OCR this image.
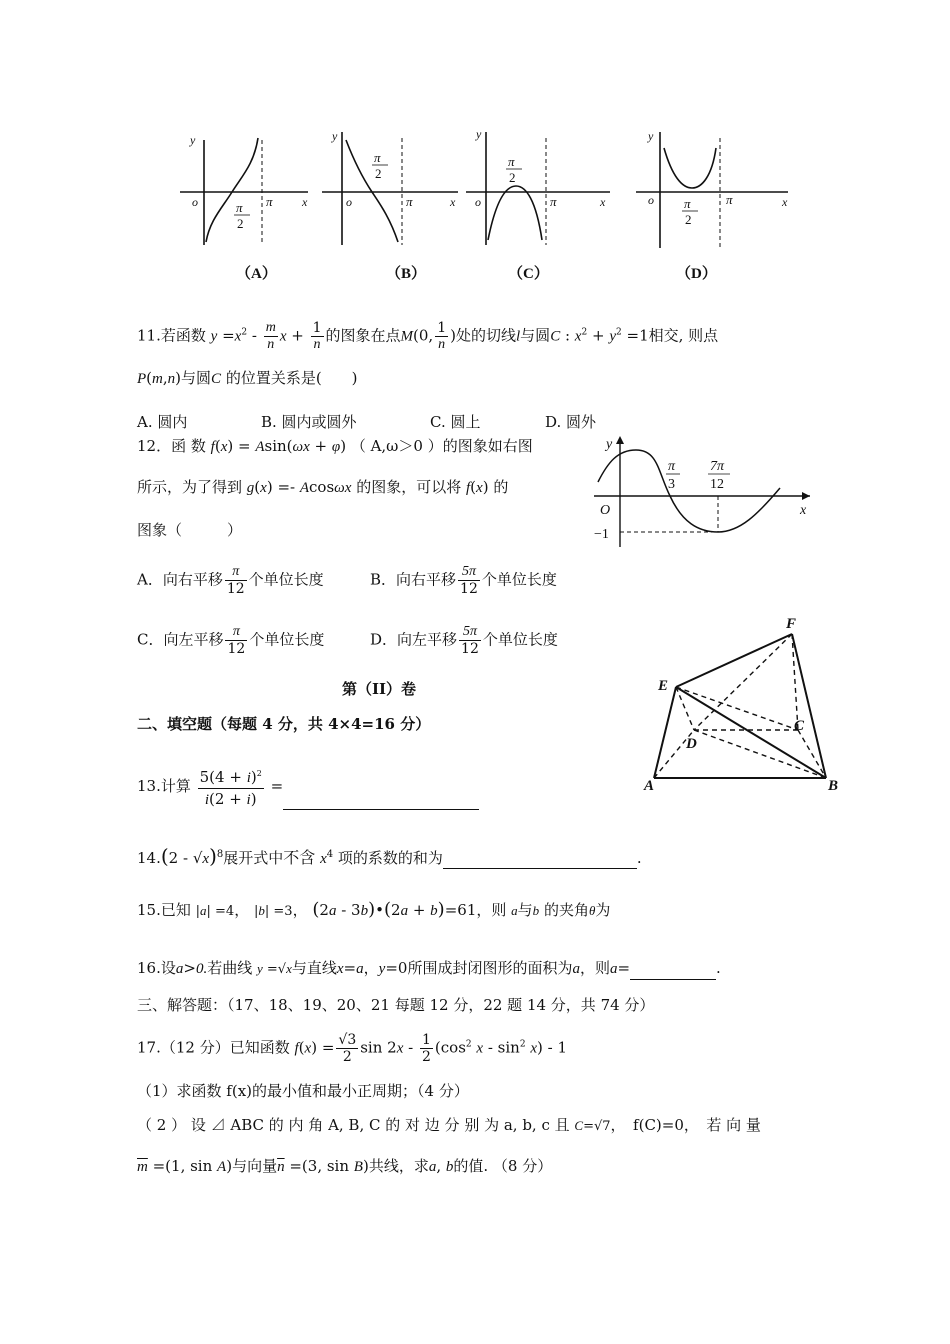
y
o	x
y
o	x
y
o	x
y
o	x
π	π	π	π
π
2
π
2
π
2
π
2
（A）	（B）	（C）	（D）
11.若函数 $y =x^2 - \frac{m}{n}$ $x + \frac{1}{n}$ 的图象在点M(0, $\frac{1}{n}$ )处的切线l与圆C : $x^2 + y^2 =1$相交, 则点
P(m,n)与圆C 的位置关系是(　　)
A. 圆内	B. 圆内或圆外	C. 圆上	D. 圆外
12．函 数 f(x) = Asin(ωx + φ) （ A,ω＞0 ）的图象如右图
所示，为了得到 g(x) =- Acosωx 的图象，可以将 f(x) 的
图象（　　　）
A．向右平移 $\frac{\pi}{12}$ 个单位长度	B．向右平移 $\frac{5\pi}{12}$ 个单位长度
C．向左平移 $\frac{\pi}{12}$ 个单位长度	D．向左平移 $\frac{5\pi}{12}$ 个单位长度
y
x
O
−1
π
3
7π
12
A	B
C
D
E
F
第（II）卷
二、填空题（每题 4 分，共 4×4=16 分）
13.计算 $\frac{5(4 + i)^2}{i(2 + i)}$ =
14.(2 - √x)$^8$展开式中不含 $x^4$ 项的系数的和为	.
15.已知 |a| =4， |b| =3， (2a - 3b)•(2a + b)=61，则 a与b 的夹角θ为
16.设a>0.若曲线 y =√x与直线x=a，y=0所围成封闭图形的面积为a，则a=	.
三、解答题：（17、18、19、20、21 每题 12 分，22 题 14 分，共 74 分）
17.（12 分）已知函数 $f(x) = \frac{√3}{2}$ $\sin 2x - \frac{1}{2} (\cos^2$ x - $\sin^2 x) - 1$
（1）求函数 f(x)的最小值和最小正周期；（4 分）
（ 2 ） 设 ⊿ ABC 的 内 角 A, B, C 的 对 边 分 别 为 a, b, c 且 C=√7，　f(C)=0，　若 向 量
$\overline{m} =(1$, sin A)与向量$\overline{n} =(3$, sin B)共线，求a, b的值. （8 分）
